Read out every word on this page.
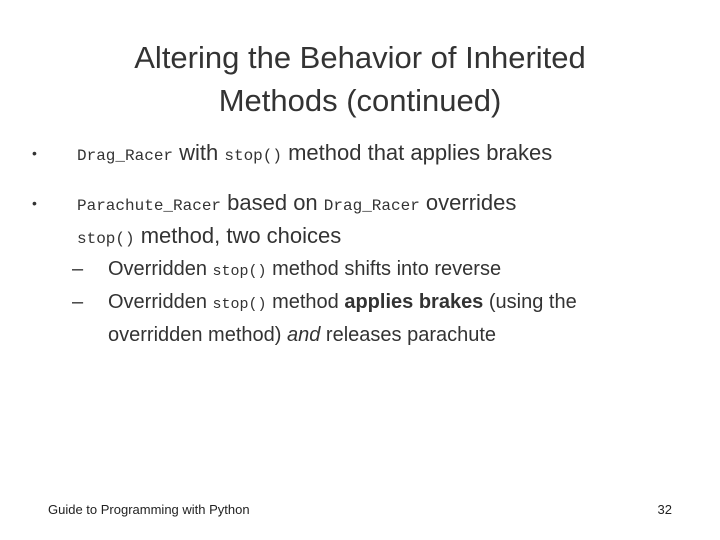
Altering the Behavior of Inherited
Methods (continued)
•	Drag_Racer with stop() method that applies brakes
•	Parachute_Racer based on Drag_Racer overrides
stop() method, two choices
– Overridden stop() method shifts into reverse
– Overridden stop() method applies brakes (using the overridden method) and releases parachute
Guide to Programming with Python	32
